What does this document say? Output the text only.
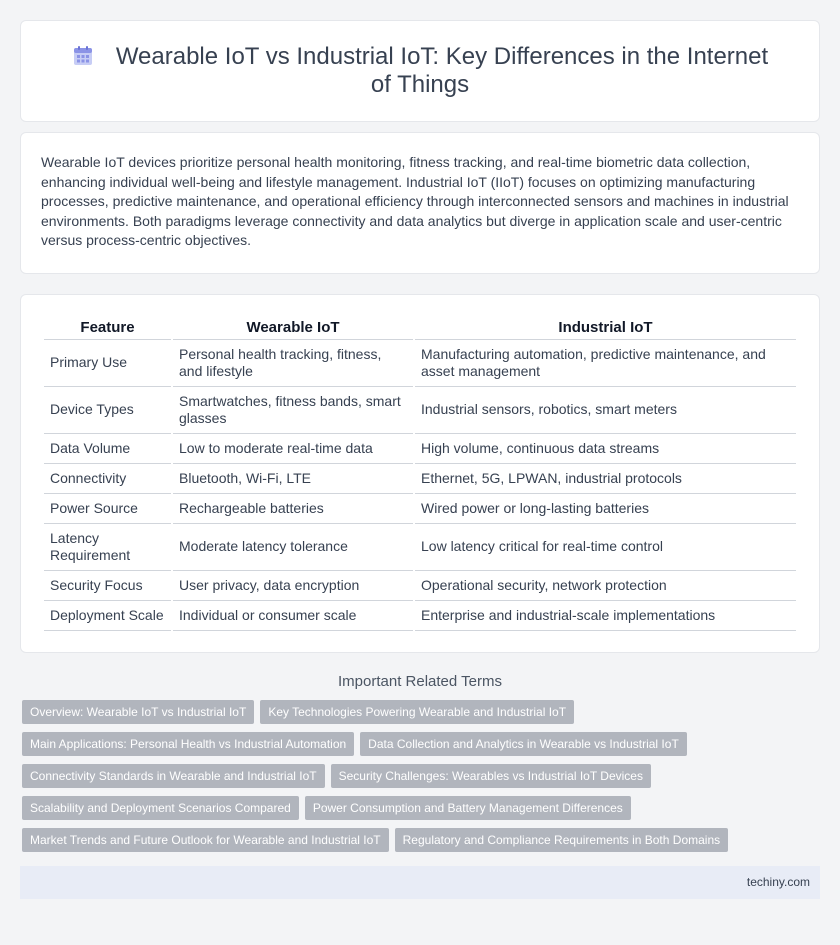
Wearable IoT vs Industrial IoT: Key Differences in the Internet of Things

Wearable IoT devices prioritize personal health monitoring, fitness tracking, and real-time biometric data collection, enhancing individual well-being and lifestyle management. Industrial IoT (IIoT) focuses on optimizing manufacturing processes, predictive maintenance, and operational efficiency through interconnected sensors and machines in industrial environments. Both paradigms leverage connectivity and data analytics but diverge in application scale and user-centric versus process-centric objectives.

Feature	Wearable IoT	Industrial IoT
Primary Use	Personal health tracking, fitness, and lifestyle	Manufacturing automation, predictive maintenance, and asset management
Device Types	Smartwatches, fitness bands, smart glasses	Industrial sensors, robotics, smart meters
Data Volume	Low to moderate real-time data	High volume, continuous data streams
Connectivity	Bluetooth, Wi-Fi, LTE	Ethernet, 5G, LPWAN, industrial protocols
Power Source	Rechargeable batteries	Wired power or long-lasting batteries
Latency Requirement	Moderate latency tolerance	Low latency critical for real-time control
Security Focus	User privacy, data encryption	Operational security, network protection
Deployment Scale	Individual or consumer scale	Enterprise and industrial-scale implementations
Important Related Terms
Overview: Wearable IoT vs Industrial IoT	Key Technologies Powering Wearable and Industrial IoT
Main Applications: Personal Health vs Industrial Automation	Data Collection and Analytics in Wearable vs Industrial IoT
Connectivity Standards in Wearable and Industrial IoT	Security Challenges: Wearables vs Industrial IoT Devices
Scalability and Deployment Scenarios Compared	Power Consumption and Battery Management Differences
Market Trends and Future Outlook for Wearable and Industrial IoT	Regulatory and Compliance Requirements in Both Domains
techiny.com
